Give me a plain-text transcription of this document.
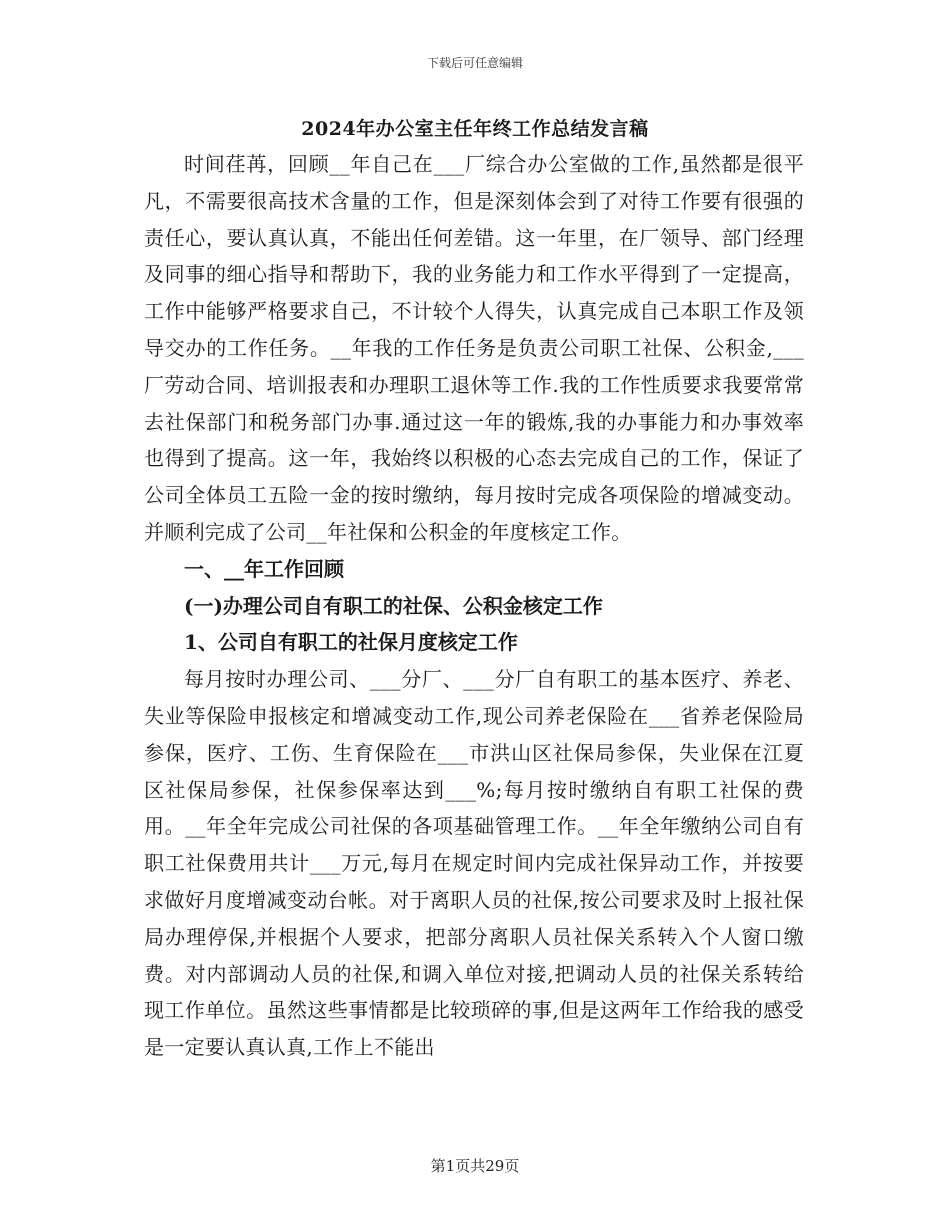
下载后可任意编辑
2024年办公室主任年终工作总结发言稿

时间荏苒，回顾__年自己在___厂综合办公室做的工作,虽然都是很平凡，不需要很高技术含量的工作，但是深刻体会到了对待工作要有很强的责任心，要认真认真，不能出任何差错。这一年里，在厂领导、部门经理及同事的细心指导和帮助下，我的业务能力和工作水平得到了一定提高，工作中能够严格要求自己，不计较个人得失，认真完成自己本职工作及领导交办的工作任务。__年我的工作任务是负责公司职工社保、公积金,___厂劳动合同、培训报表和办理职工退休等工作.我的工作性质要求我要常常去社保部门和税务部门办事.通过这一年的锻炼,我的办事能力和办事效率也得到了提高。这一年，我始终以积极的心态去完成自己的工作，保证了公司全体员工五险一金的按时缴纳，每月按时完成各项保险的增减变动。并顺利完成了公司__年社保和公积金的年度核定工作。

一、__年工作回顾

(一)办理公司自有职工的社保、公积金核定工作

1、公司自有职工的社保月度核定工作

每月按时办理公司、___分厂、___分厂自有职工的基本医疗、养老、失业等保险申报核定和增减变动工作,现公司养老保险在___省养老保险局参保，医疗、工伤、生育保险在___市洪山区社保局参保，失业保在江夏区社保局参保，社保参保率达到___%;每月按时缴纳自有职工社保的费用。__年全年完成公司社保的各项基础管理工作。__年全年缴纳公司自有职工社保费用共计___万元,每月在规定时间内完成社保异动工作，并按要求做好月度增减变动台帐。对于离职人员的社保,按公司要求及时上报社保局办理停保,并根据个人要求，把部分离职人员社保关系转入个人窗口缴费。对内部调动人员的社保,和调入单位对接,把调动人员的社保关系转给现工作单位。虽然这些事情都是比较琐碎的事,但是这两年工作给我的感受是一定要认真认真,工作上不能出

第1页共29页
